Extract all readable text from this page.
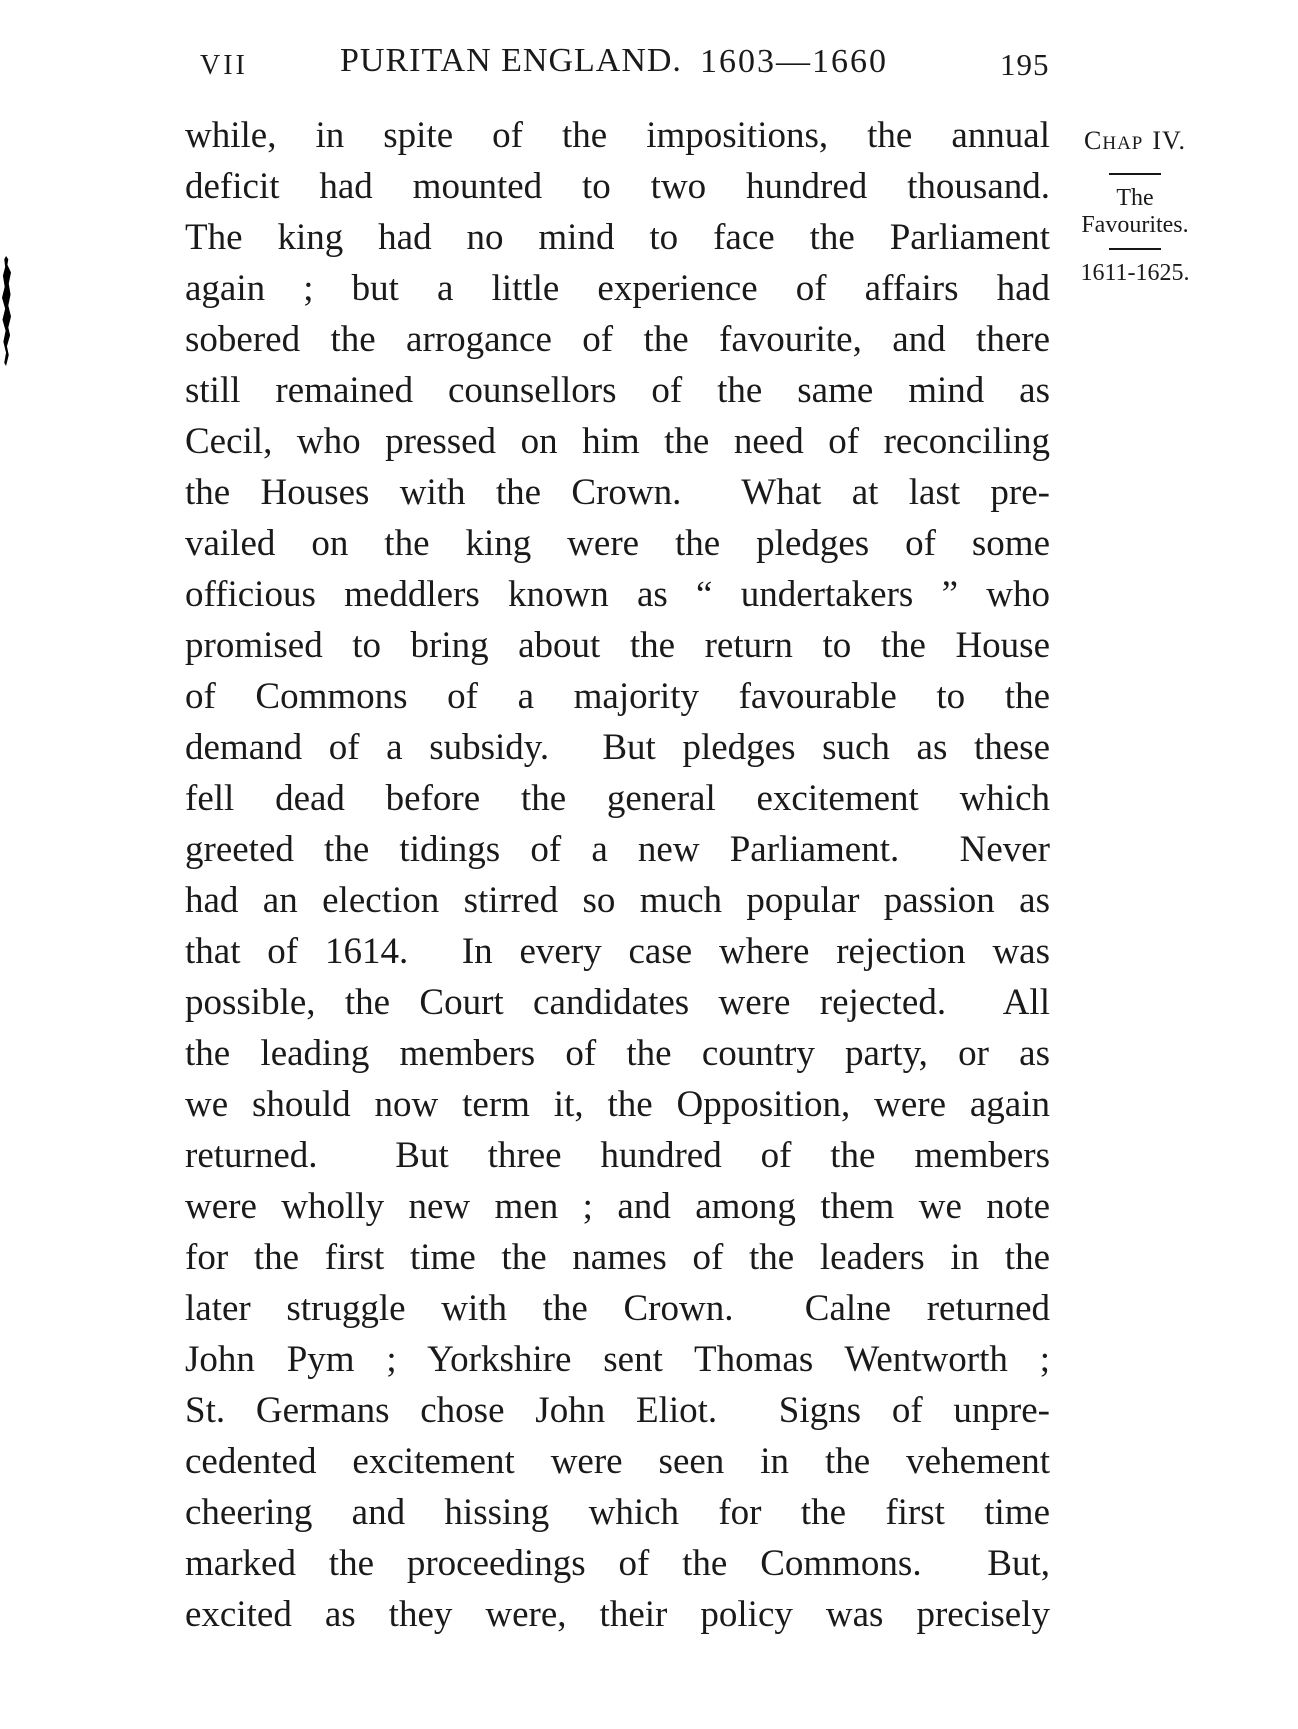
VII	PURITAN ENGLAND. 1603—1660	195
while, in spite of the impositions, the annual
deficit had mounted to two hundred thousand.
The king had no mind to face the Parliament
again ; but a little experience of affairs had
sobered the arrogance of the favourite, and there
still remained counsellors of the same mind as
Cecil, who pressed on him the need of reconciling
the Houses with the Crown.  What at last pre-
vailed on the king were the pledges of some
officious meddlers known as “ undertakers ” who
promised to bring about the return to the House
of Commons of a majority favourable to the
demand of a subsidy.  But pledges such as these
fell dead before the general excitement which
greeted the tidings of a new Parliament.  Never
had an election stirred so much popular passion as
that of 1614.  In every case where rejection was
possible, the Court candidates were rejected.  All
the leading members of the country party, or as
we should now term it, the Opposition, were again
returned.  But three hundred of the members
were wholly new men ; and among them we note
for the first time the names of the leaders in the
later struggle with the Crown.  Calne returned
John Pym ; Yorkshire sent Thomas Wentworth ;
St. Germans chose John Eliot.  Signs of unpre-
cedented excitement were seen in the vehement
cheering and hissing which for the first time
marked the proceedings of the Commons.  But,
excited as they were, their policy was precisely
CHAP IV.
The
Favourites.
1611-1625.
